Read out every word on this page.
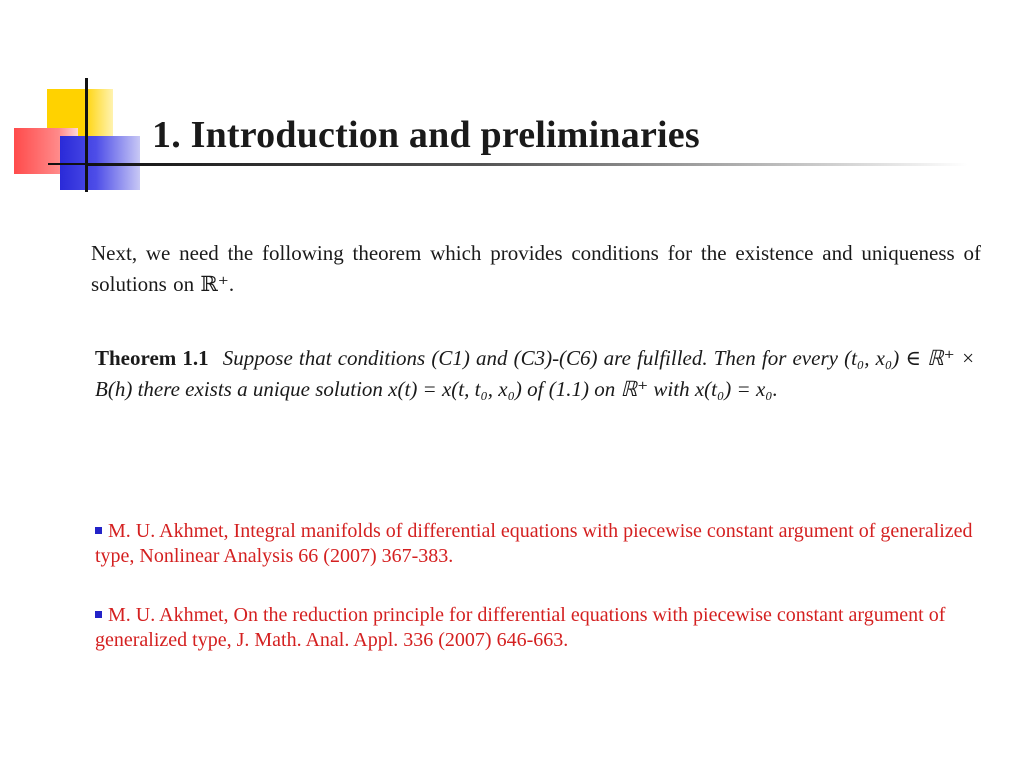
1. Introduction and preliminaries

Next, we need the following theorem which provides conditions for the existence and uniqueness of solutions on ℝ⁺.

Theorem 1.1 Suppose that conditions (C1) and (C3)-(C6) are fulfilled. Then for every (t₀, x₀) ∈ ℝ⁺ × B(h) there exists a unique solution x(t) = x(t, t₀, x₀) of (1.1) on ℝ⁺ with x(t₀) = x₀.

M. U. Akhmet, Integral manifolds of differential equations with piecewise constant argument of generalized type, Nonlinear Analysis 66 (2007) 367-383.
M. U. Akhmet, On the reduction principle for differential equations with piecewise constant argument of generalized type, J. Math. Anal. Appl. 336 (2007) 646-663.
